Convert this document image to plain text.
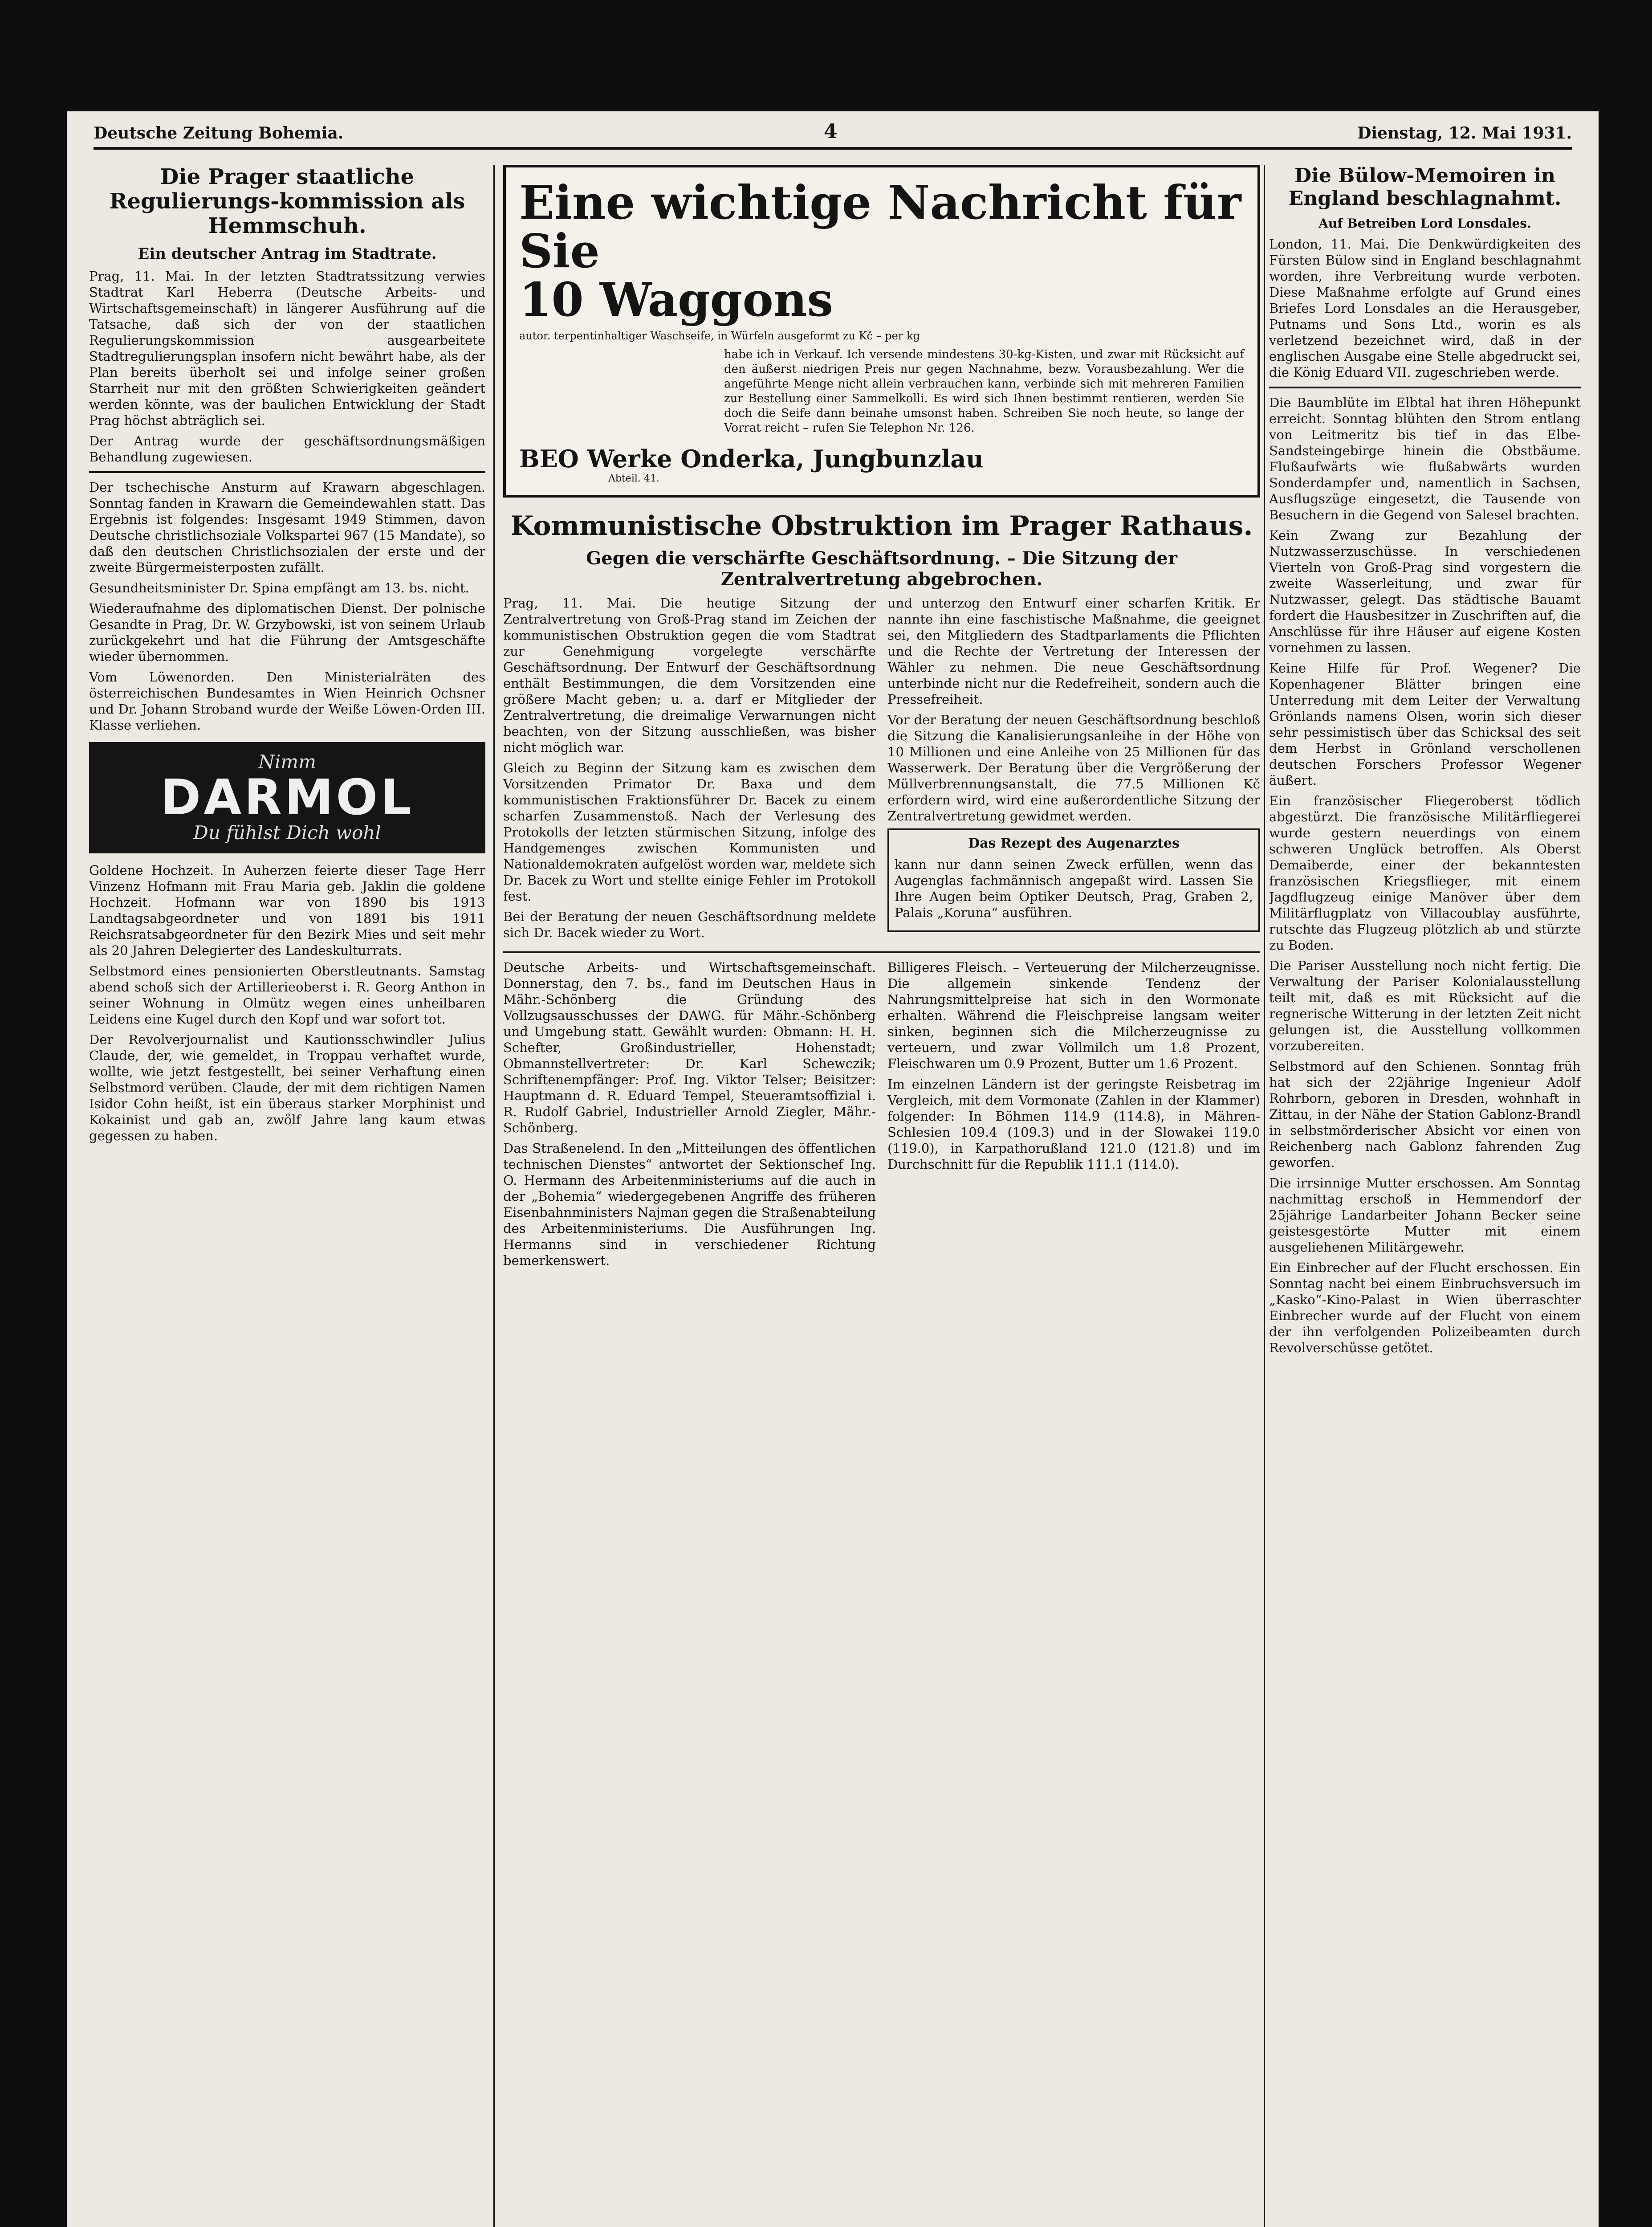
Deutsche Zeitung Bohemia.	4	Dienstag, 12. Mai 1931.
Die Prager staatliche Regulierungs-kommission als Hemmschuh.
Ein deutscher Antrag im Stadtrate.

Prag, 11. Mai. In der letzten Stadtratssitzung verwies Stadtrat Karl Heberra (Deutsche Arbeits- und Wirtschaftsgemeinschaft) in längerer Ausführung auf die Tatsache, daß sich der von der staatlichen Regulierungskommission ausgearbeitete Stadtregulierungsplan insofern nicht bewährt habe, als der Plan bereits überholt sei und infolge seiner großen Starrheit nur mit den größten Schwierigkeiten geändert werden könnte, was der baulichen Entwicklung der Stadt Prag höchst abträglich sei.

Der Antrag wurde der geschäftsordnungsmäßigen Behandlung zugewiesen.

Der tschechische Ansturm auf Krawarn abgeschlagen. Sonntag fanden in Krawarn die Gemeindewahlen statt. Das Ergebnis ist folgendes: Insgesamt 1949 Stimmen, davon Deutsche christlichsoziale Volkspartei 967 (15 Mandate), so daß den deutschen Christlichsozialen der erste und der zweite Bürgermeisterposten zufällt.

Gesundheitsminister Dr. Spina empfängt am 13. bs. nicht.

Wiederaufnahme des diplomatischen Dienst. Der polnische Gesandte in Prag, Dr. W. Grzybowski, ist von seinem Urlaub zurückgekehrt und hat die Führung der Amtsgeschäfte wieder übernommen.

Vom Löwenorden. Den Ministerialräten des österreichischen Bundesamtes in Wien Heinrich Ochsner und Dr. Johann Stroband wurde der Weiße Löwen-Orden III. Klasse verliehen.

Nimm
DARMOL
Du fühlst Dich wohl

Goldene Hochzeit. In Auherzen feierte dieser Tage Herr Vinzenz Hofmann mit Frau Maria geb. Jaklin die goldene Hochzeit. Hofmann war von 1890 bis 1913 Landtagsabgeordneter und von 1891 bis 1911 Reichsratsabgeordneter für den Bezirk Mies und seit mehr als 20 Jahren Delegierter des Landeskulturrats.

Selbstmord eines pensionierten Oberstleutnants. Samstag abend schoß sich der Artillerieoberst i. R. Georg Anthon in seiner Wohnung in Olmütz wegen eines unheilbaren Leidens eine Kugel durch den Kopf und war sofort tot.

Der Revolverjournalist und Kautionsschwindler Julius Claude, der, wie gemeldet, in Troppau verhaftet wurde, wollte, wie jetzt festgestellt, bei seiner Verhaftung einen Selbstmord verüben. Claude, der mit dem richtigen Namen Isidor Cohn heißt, ist ein überaus starker Morphinist und Kokainist und gab an, zwölf Jahre lang kaum etwas gegessen zu haben.

Eine wichtige Nachricht für Sie
10 Waggons
autor. terpentinhaltiger Waschseife, in Würfeln ausgeformt zu Kč – per kg
habe ich in Verkauf. Ich versende mindestens 30-kg-Kisten, und zwar mit Rücksicht auf den äußerst niedrigen Preis nur gegen Nachnahme, bezw. Vorausbezahlung. Wer die angeführte Menge nicht allein verbrauchen kann, verbinde sich mit mehreren Familien zur Bestellung einer Sammelkolli. Es wird sich Ihnen bestimmt rentieren, werden Sie doch die Seife dann beinahe umsonst haben. Schreiben Sie noch heute, so lange der Vorrat reicht – rufen Sie Telephon Nr. 126.
BEO Werke Onderka, Jungbunzlau
Abteil. 41.
Kommunistische Obstruktion im Prager Rathaus.
Gegen die verschärfte Geschäftsordnung. – Die Sitzung der Zentralvertretung abgebrochen.

Prag, 11. Mai. Die heutige Sitzung der Zentralvertretung von Groß-Prag stand im Zeichen der kommunistischen Obstruktion gegen die vom Stadtrat zur Genehmigung vorgelegte verschärfte Geschäftsordnung. Der Entwurf der Geschäftsordnung enthält Bestimmungen, die dem Vorsitzenden eine größere Macht geben; u. a. darf er Mitglieder der Zentralvertretung, die dreimalige Verwarnungen nicht beachten, von der Sitzung ausschließen, was bisher nicht möglich war.

Gleich zu Beginn der Sitzung kam es zwischen dem Vorsitzenden Primator Dr. Baxa und dem kommunistischen Fraktionsführer Dr. Bacek zu einem scharfen Zusammenstoß. Nach der Verlesung des Protokolls der letzten stürmischen Sitzung, infolge des Handgemenges zwischen Kommunisten und Nationaldemokraten aufgelöst worden war, meldete sich Dr. Bacek zu Wort und stellte einige Fehler im Protokoll fest.

Bei der Beratung der neuen Geschäftsordnung meldete sich Dr. Bacek wieder zu Wort.

und unterzog den Entwurf einer scharfen Kritik. Er nannte ihn eine faschistische Maßnahme, die geeignet sei, den Mitgliedern des Stadtparlaments die Pflichten und die Rechte der Vertretung der Interessen der Wähler zu nehmen. Die neue Geschäftsordnung unterbinde nicht nur die Redefreiheit, sondern auch die Pressefreiheit.

Vor der Beratung der neuen Geschäftsordnung beschloß die Sitzung die Kanalisierungsanleihe in der Höhe von 10 Millionen und eine Anleihe von 25 Millionen für das Wasserwerk. Der Beratung über die Vergrößerung der Müllverbrennungsanstalt, die 77.5 Millionen Kč erfordern wird, wird eine außerordentliche Sitzung der Zentralvertretung gewidmet werden.

Das Rezept des Augenarztes

kann nur dann seinen Zweck erfüllen, wenn das Augenglas fachmännisch angepaßt wird. Lassen Sie Ihre Augen beim Optiker Deutsch, Prag, Graben 2, Palais „Koruna“ ausführen.

Deutsche Arbeits- und Wirtschaftsgemeinschaft. Donnerstag, den 7. bs., fand im Deutschen Haus in Mähr.-Schönberg die Gründung des Vollzugsausschusses der DAWG. für Mähr.-Schönberg und Umgebung statt. Gewählt wurden: Obmann: H. H. Schefter, Großindustrieller, Hohenstadt; Obmannstellvertreter: Dr. Karl Schewczik; Schriftenempfänger: Prof. Ing. Viktor Telser; Beisitzer: Hauptmann d. R. Eduard Tempel, Steueramtsoffizial i. R. Rudolf Gabriel, Industrieller Arnold Ziegler, Mähr.-Schönberg.

Das Straßenelend. In den „Mitteilungen des öffentlichen technischen Dienstes“ antwortet der Sektionschef Ing. O. Hermann des Arbeitenministeriums auf die auch in der „Bohemia“ wiedergegebenen Angriffe des früheren Eisenbahnministers Najman gegen die Straßenabteilung des Arbeitenministeriums. Die Ausführungen Ing. Hermanns sind in verschiedener Richtung bemerkenswert.

Billigeres Fleisch. – Verteuerung der Milcherzeugnisse. Die allgemein sinkende Tendenz der Nahrungsmittelpreise hat sich in den Wormonate erhalten. Während die Fleischpreise langsam weiter sinken, beginnen sich die Milcherzeugnisse zu verteuern, und zwar Vollmilch um 1.8 Prozent, Fleischwaren um 0.9 Prozent, Butter um 1.6 Prozent.

Im einzelnen Ländern ist der geringste Reisbetrag im Vergleich, mit dem Vormonate (Zahlen in der Klammer) folgender: In Böhmen 114.9 (114.8), in Mähren-Schlesien 109.4 (109.3) und in der Slowakei 119.0 (119.0), in Karpathorußland 121.0 (121.8) und im Durchschnitt für die Republik 111.1 (114.0).

Die Bülow-Memoiren in England beschlagnahmt.
Auf Betreiben Lord Lonsdales.

London, 11. Mai. Die Denkwürdigkeiten des Fürsten Bülow sind in England beschlagnahmt worden, ihre Verbreitung wurde verboten. Diese Maßnahme erfolgte auf Grund eines Briefes Lord Lonsdales an die Herausgeber, Putnams und Sons Ltd., worin es als verletzend bezeichnet wird, daß in der englischen Ausgabe eine Stelle abgedruckt sei, die König Eduard VII. zugeschrieben werde.

Die Baumblüte im Elbtal hat ihren Höhepunkt erreicht. Sonntag blühten den Strom entlang von Leitmeritz bis tief in das Elbe-Sandsteingebirge hinein die Obstbäume. Flußaufwärts wie flußabwärts wurden Sonderdampfer und, namentlich in Sachsen, Ausflugszüge eingesetzt, die Tausende von Besuchern in die Gegend von Salesel brachten.

Kein Zwang zur Bezahlung der Nutzwasserzuschüsse. In verschiedenen Vierteln von Groß-Prag sind vorgestern die zweite Wasserleitung, und zwar für Nutzwasser, gelegt. Das städtische Bauamt fordert die Hausbesitzer in Zuschriften auf, die Anschlüsse für ihre Häuser auf eigene Kosten vornehmen zu lassen.

Keine Hilfe für Prof. Wegener? Die Kopenhagener Blätter bringen eine Unterredung mit dem Leiter der Verwaltung Grönlands namens Olsen, worin sich dieser sehr pessimistisch über das Schicksal des seit dem Herbst in Grönland verschollenen deutschen Forschers Professor Wegener äußert.

Ein französischer Fliegeroberst tödlich abgestürzt. Die französische Militärfliegerei wurde gestern neuerdings von einem schweren Unglück betroffen. Als Oberst Demaiberde, einer der bekanntesten französischen Kriegsflieger, mit einem Jagdflugzeug einige Manöver über dem Militärflugplatz von Villacoublay ausführte, rutschte das Flugzeug plötzlich ab und stürzte zu Boden.

Die Pariser Ausstellung noch nicht fertig. Die Verwaltung der Pariser Kolonialausstellung teilt mit, daß es mit Rücksicht auf die regnerische Witterung in der letzten Zeit nicht gelungen ist, die Ausstellung vollkommen vorzubereiten.

Selbstmord auf den Schienen. Sonntag früh hat sich der 22jährige Ingenieur Adolf Rohrborn, geboren in Dresden, wohnhaft in Zittau, in der Nähe der Station Gablonz-Brandl in selbstmörderischer Absicht vor einen von Reichenberg nach Gablonz fahrenden Zug geworfen.

Die irrsinnige Mutter erschossen. Am Sonntag nachmittag erschoß in Hemmendorf der 25jährige Landarbeiter Johann Becker seine geistesgestörte Mutter mit einem ausgeliehenen Militärgewehr.

Ein Einbrecher auf der Flucht erschossen. Ein Sonntag nacht bei einem Einbruchsversuch im „Kasko“-Kino-Palast in Wien überraschter Einbrecher wurde auf der Flucht von einem der ihn verfolgenden Polizeibeamten durch Revolverschüsse getötet.
